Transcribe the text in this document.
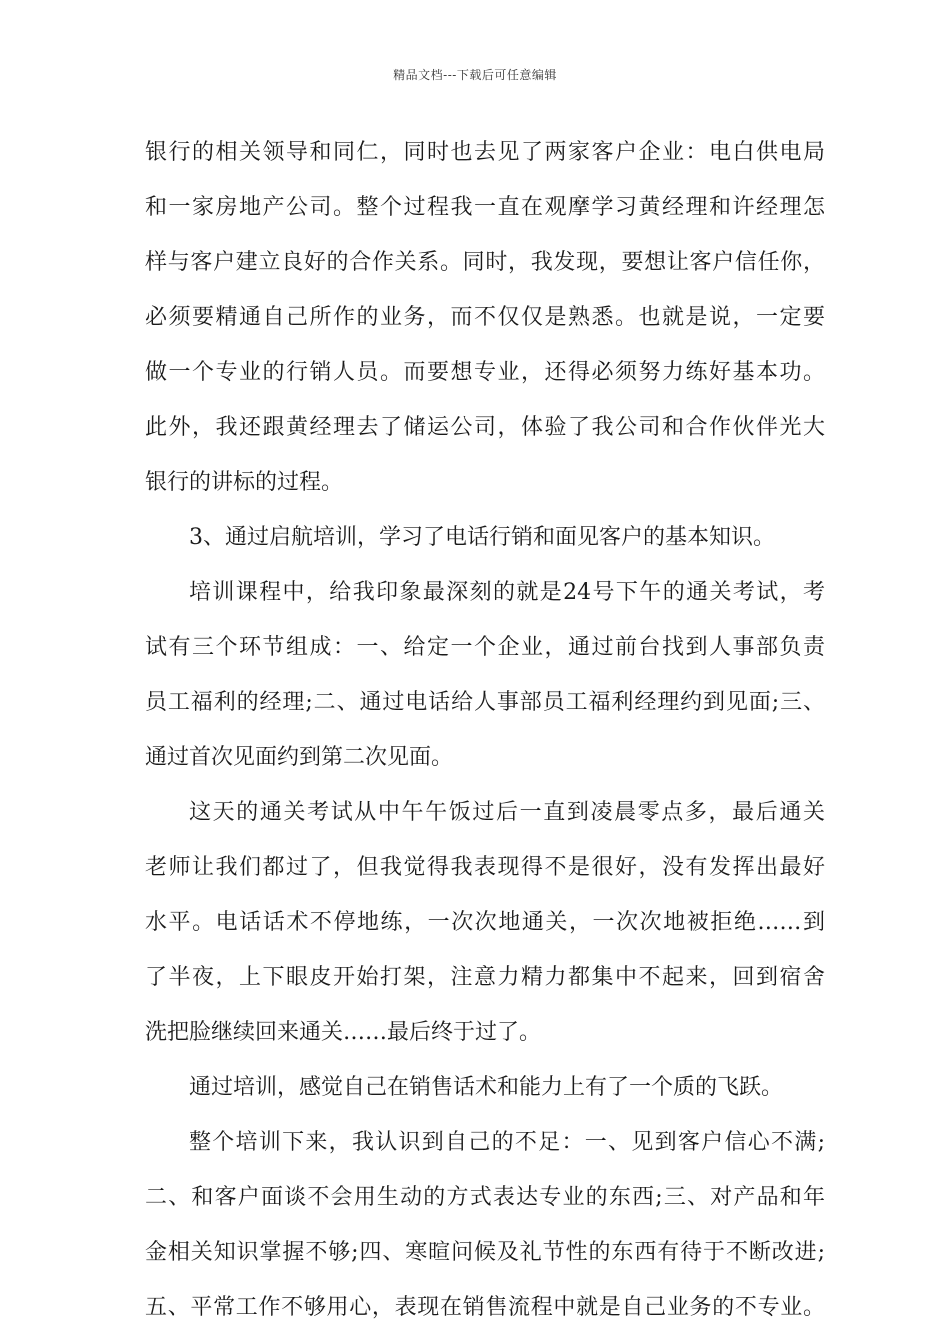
精品文档---下载后可任意编辑
银行的相关领导和同仁，同时也去见了两家客户企业：电白供电局
和一家房地产公司。整个过程我一直在观摩学习黄经理和许经理怎
样与客户建立良好的合作关系。同时，我发现，要想让客户信任你，
必须要精通自己所作的业务，而不仅仅是熟悉。也就是说，一定要
做一个专业的行销人员。而要想专业，还得必须努力练好基本功。
此外，我还跟黄经理去了储运公司，体验了我公司和合作伙伴光大
银行的讲标的过程。
3、通过启航培训，学习了电话行销和面见客户的基本知识。
培训课程中，给我印象最深刻的就是24号下午的通关考试，考
试有三个环节组成：一、给定一个企业，通过前台找到人事部负责
员工福利的经理;二、通过电话给人事部员工福利经理约到见面;三、
通过首次见面约到第二次见面。
这天的通关考试从中午午饭过后一直到凌晨零点多，最后通关
老师让我们都过了，但我觉得我表现得不是很好，没有发挥出最好
水平。电话话术不停地练，一次次地通关，一次次地被拒绝……到
了半夜，上下眼皮开始打架，注意力精力都集中不起来，回到宿舍
洗把脸继续回来通关……最后终于过了。
通过培训，感觉自己在销售话术和能力上有了一个质的飞跃。
整个培训下来，我认识到自己的不足：一、见到客户信心不满;
二、和客户面谈不会用生动的方式表达专业的东西;三、对产品和年
金相关知识掌握不够;四、寒暄问候及礼节性的东西有待于不断改进;
五、平常工作不够用心，表现在销售流程中就是自己业务的不专业。
